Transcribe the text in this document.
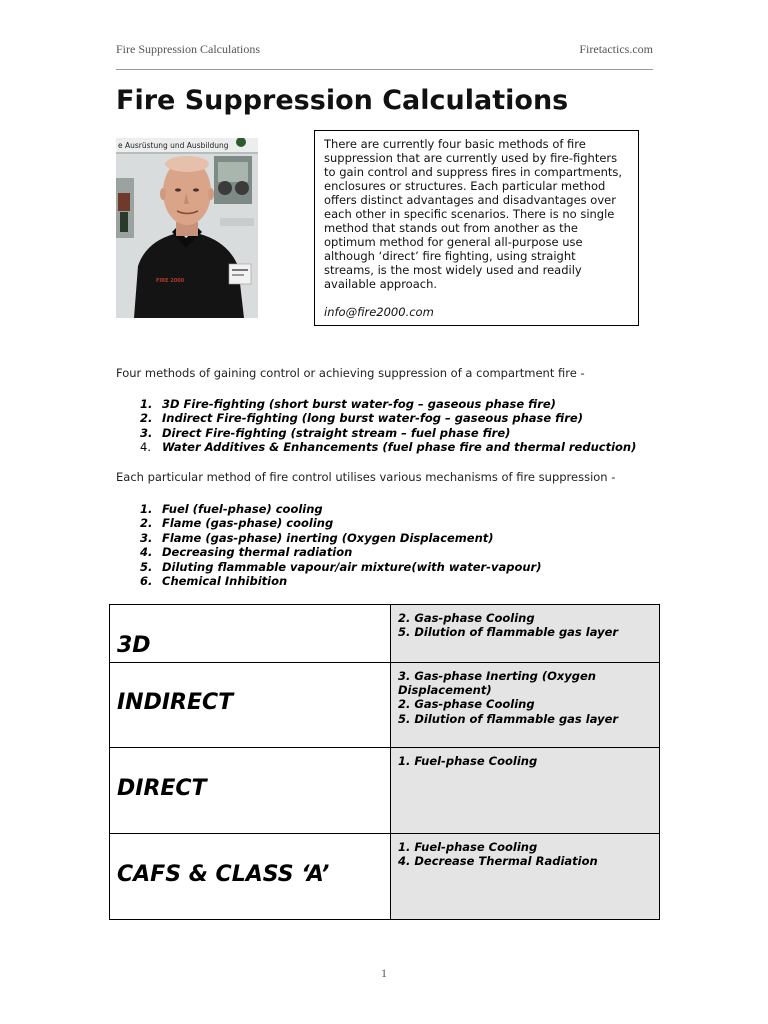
Fire Suppression Calculations	Firetactics.com
Fire Suppression Calculations
e Ausrüstung und Ausbildung
FIRE 2000

There are currently four basic methods of fire suppression that are currently used by fire-fighters to gain control and suppress fires in compartments, enclosures or structures. Each particular method offers distinct advantages and disadvantages over each other in specific scenarios. There is no single method that stands out from another as the optimum method for general all-purpose use although ‘direct’ fire fighting, using straight streams, is the most widely used and readily available approach.

info@fire2000.com

Four methods of gaining control or achieving suppression of a compartment fire -

1. 3D Fire-fighting (short burst water-fog – gaseous phase fire)
2. Indirect Fire-fighting (long burst water-fog – gaseous phase fire)
3. Direct Fire-fighting (straight stream – fuel phase fire)
4. Water Additives & Enhancements (fuel phase fire and thermal reduction)

Each particular method of fire control utilises various mechanisms of fire suppression -

1. Fuel (fuel-phase) cooling
2. Flame (gas-phase) cooling
3. Flame (gas-phase) inerting (Oxygen Displacement)
4. Decreasing thermal radiation
5. Diluting flammable vapour/air mixture(with water-vapour)
6. Chemical Inhibition
3D	2. Gas-phase Cooling
5. Dilution of flammable gas layer

INDIRECT	3. Gas-phase Inerting (Oxygen Displacement)
2. Gas-phase Cooling
5. Dilution of flammable gas layer

DIRECT	1. Fuel-phase Cooling

CAFS & CLASS ‘A’	1. Fuel-phase Cooling
4. Decrease Thermal Radiation
1
